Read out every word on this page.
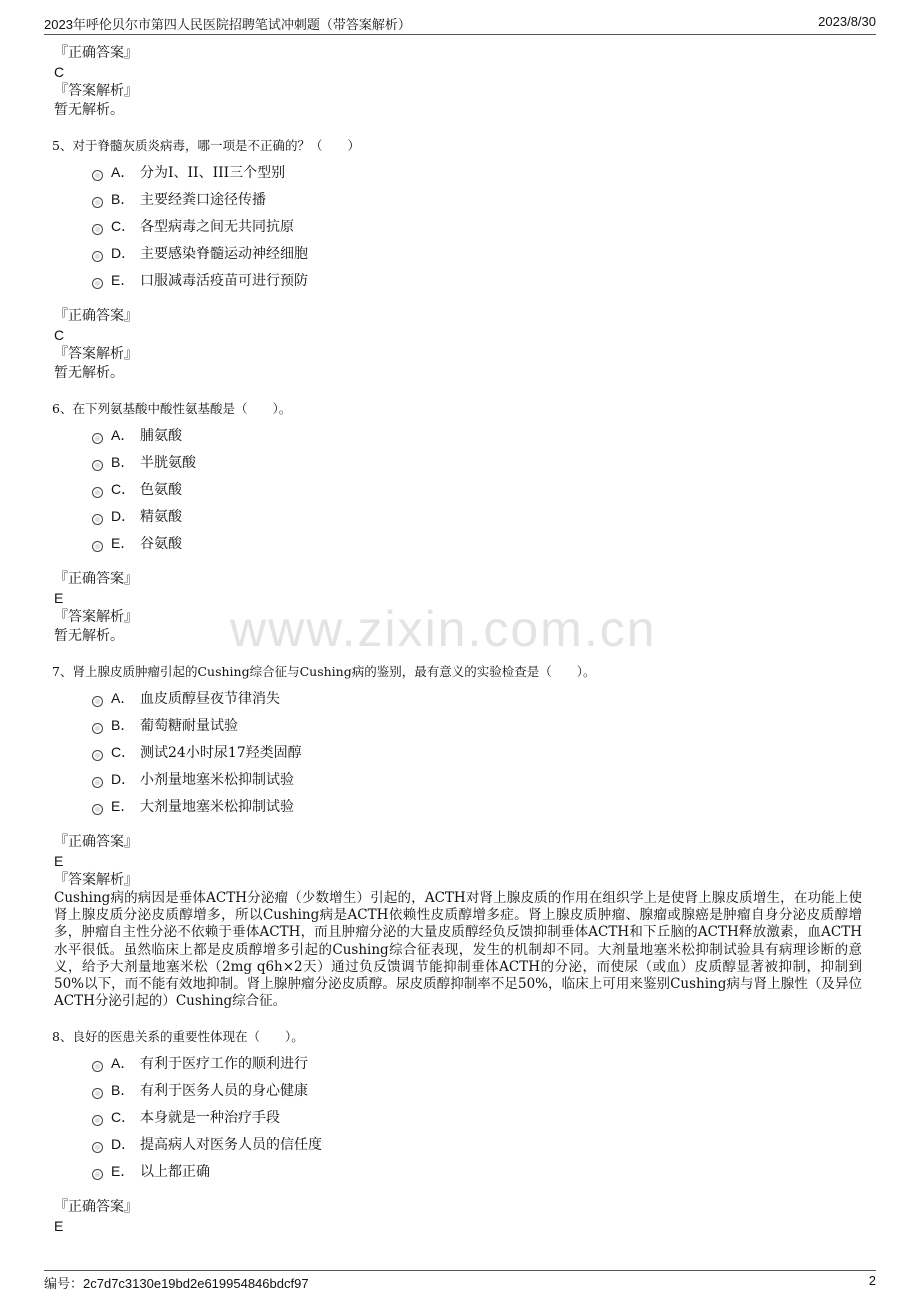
2023年呼伦贝尔市第四人民医院招聘笔试冲刺题（带答案解析）	2023/8/30
www.zixin.com.cn
『正确答案』
C
『答案解析』
暂无解析。
5、对于脊髓灰质炎病毒，哪一项是不正确的？（　　）
A． 分为I、II、III三个型别
B． 主要经粪口途径传播
C． 各型病毒之间无共同抗原
D． 主要感染脊髓运动神经细胞
E． 口服减毒活疫苗可进行预防
『正确答案』
C
『答案解析』
暂无解析。
6、在下列氨基酸中酸性氨基酸是（　　）。
A． 脯氨酸
B． 半胱氨酸
C． 色氨酸
D． 精氨酸
E． 谷氨酸
『正确答案』
E
『答案解析』
暂无解析。
7、肾上腺皮质肿瘤引起的Cushing综合征与Cushing病的鉴别，最有意义的实验检查是（　　）。
A． 血皮质醇昼夜节律消失
B． 葡萄糖耐量试验
C． 测试24小时尿17羟类固醇
D． 小剂量地塞米松抑制试验
E． 大剂量地塞米松抑制试验
『正确答案』
E
『答案解析』
Cushing病的病因是垂体ACTH分泌瘤（少数增生）引起的，ACTH对肾上腺皮质的作用在组织学上是使肾上腺皮质增生，在功能上使肾上腺皮质分泌皮质醇增多，所以Cushing病是ACTH依赖性皮质醇增多症。肾上腺皮质肿瘤、腺瘤或腺癌是肿瘤自身分泌皮质醇增多，肿瘤自主性分泌不依赖于垂体ACTH，而且肿瘤分泌的大量皮质醇经负反馈抑制垂体ACTH和下丘脑的ACTH释放激素，血ACTH水平很低。虽然临床上都是皮质醇增多引起的Cushing综合征表现，发生的机制却不同。大剂量地塞米松抑制试验具有病理诊断的意义，给予大剂量地塞米松（2mg q6h×2天）通过负反馈调节能抑制垂体ACTH的分泌，而使尿（或血）皮质醇显著被抑制，抑制到50%以下，而不能有效地抑制。肾上腺肿瘤分泌皮质醇。尿皮质醇抑制率不足50%，临床上可用来鉴别Cushing病与肾上腺性（及异位ACTH分泌引起的）Cushing综合征。
8、良好的医患关系的重要性体现在（　　）。
A． 有利于医疗工作的顺利进行
B． 有利于医务人员的身心健康
C． 本身就是一种治疗手段
D． 提高病人对医务人员的信任度
E． 以上都正确
『正确答案』
E
编号：2c7d7c3130e19bd2e619954846bdcf97	2
